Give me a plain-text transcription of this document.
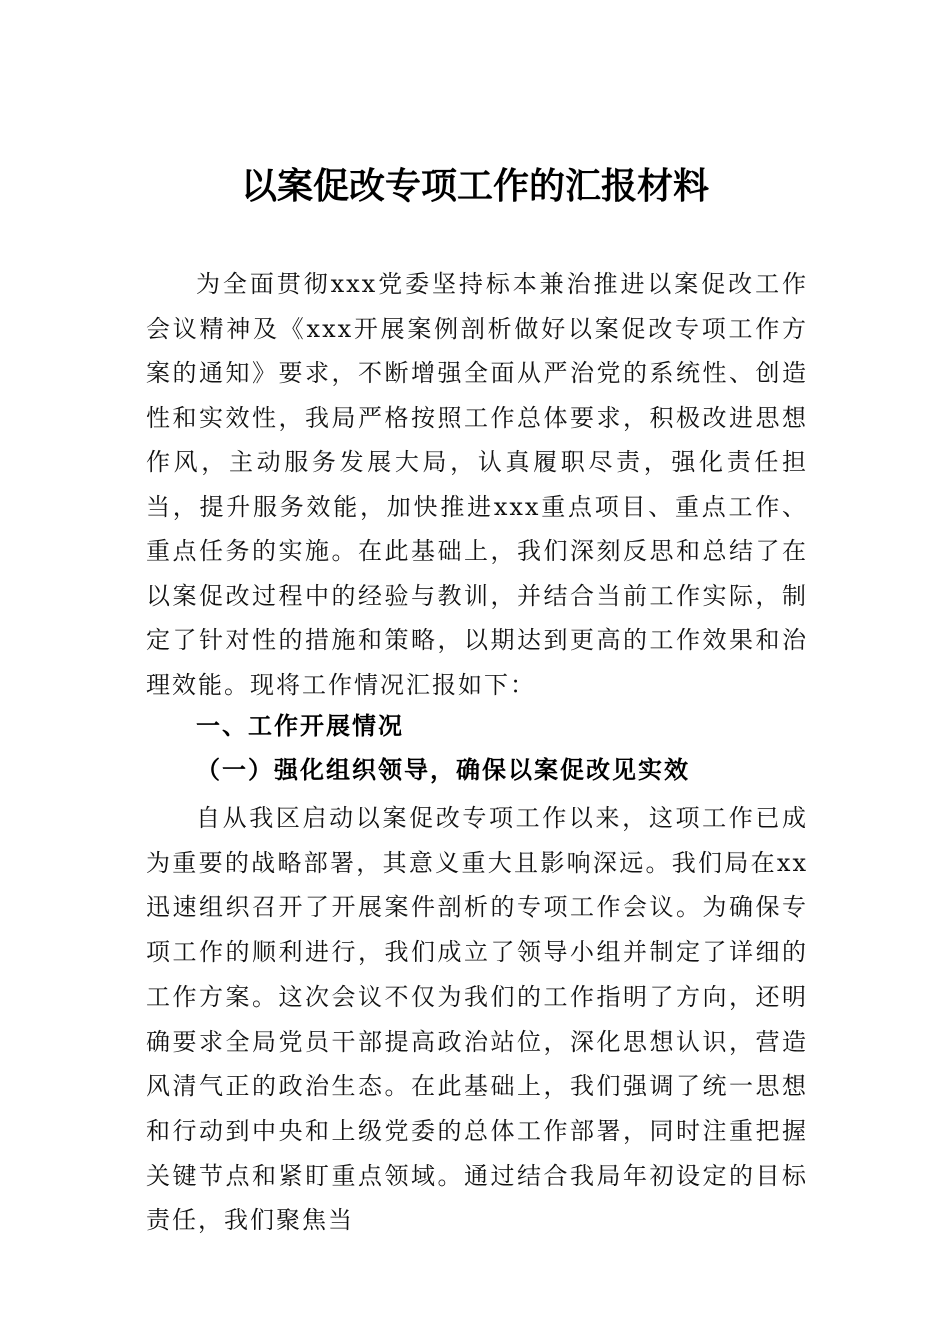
以案促改专项工作的汇报材料

为全面贯彻xxx党委坚持标本兼治推进以案促改工作会议精神及《xxx开展案例剖析做好以案促改专项工作方案的通知》要求，不断增强全面从严治党的系统性、创造性和实效性，我局严格按照工作总体要求，积极改进思想作风，主动服务发展大局，认真履职尽责，强化责任担当，提升服务效能，加快推进xxx重点项目、重点工作、重点任务的实施。在此基础上，我们深刻反思和总结了在以案促改过程中的经验与教训，并结合当前工作实际，制定了针对性的措施和策略，以期达到更高的工作效果和治理效能。现将工作情况汇报如下：

一、工作开展情况
（一）强化组织领导，确保以案促改见实效

自从我区启动以案促改专项工作以来，这项工作已成为重要的战略部署，其意义重大且影响深远。我们局在xx迅速组织召开了开展案件剖析的专项工作会议。为确保专项工作的顺利进行，我们成立了领导小组并制定了详细的工作方案。这次会议不仅为我们的工作指明了方向，还明确要求全局党员干部提高政治站位，深化思想认识，营造风清气正的政治生态。在此基础上，我们强调了统一思想和行动到中央和上级党委的总体工作部署，同时注重把握关键节点和紧盯重点领域。通过结合我局年初设定的目标责任，我们聚焦当
